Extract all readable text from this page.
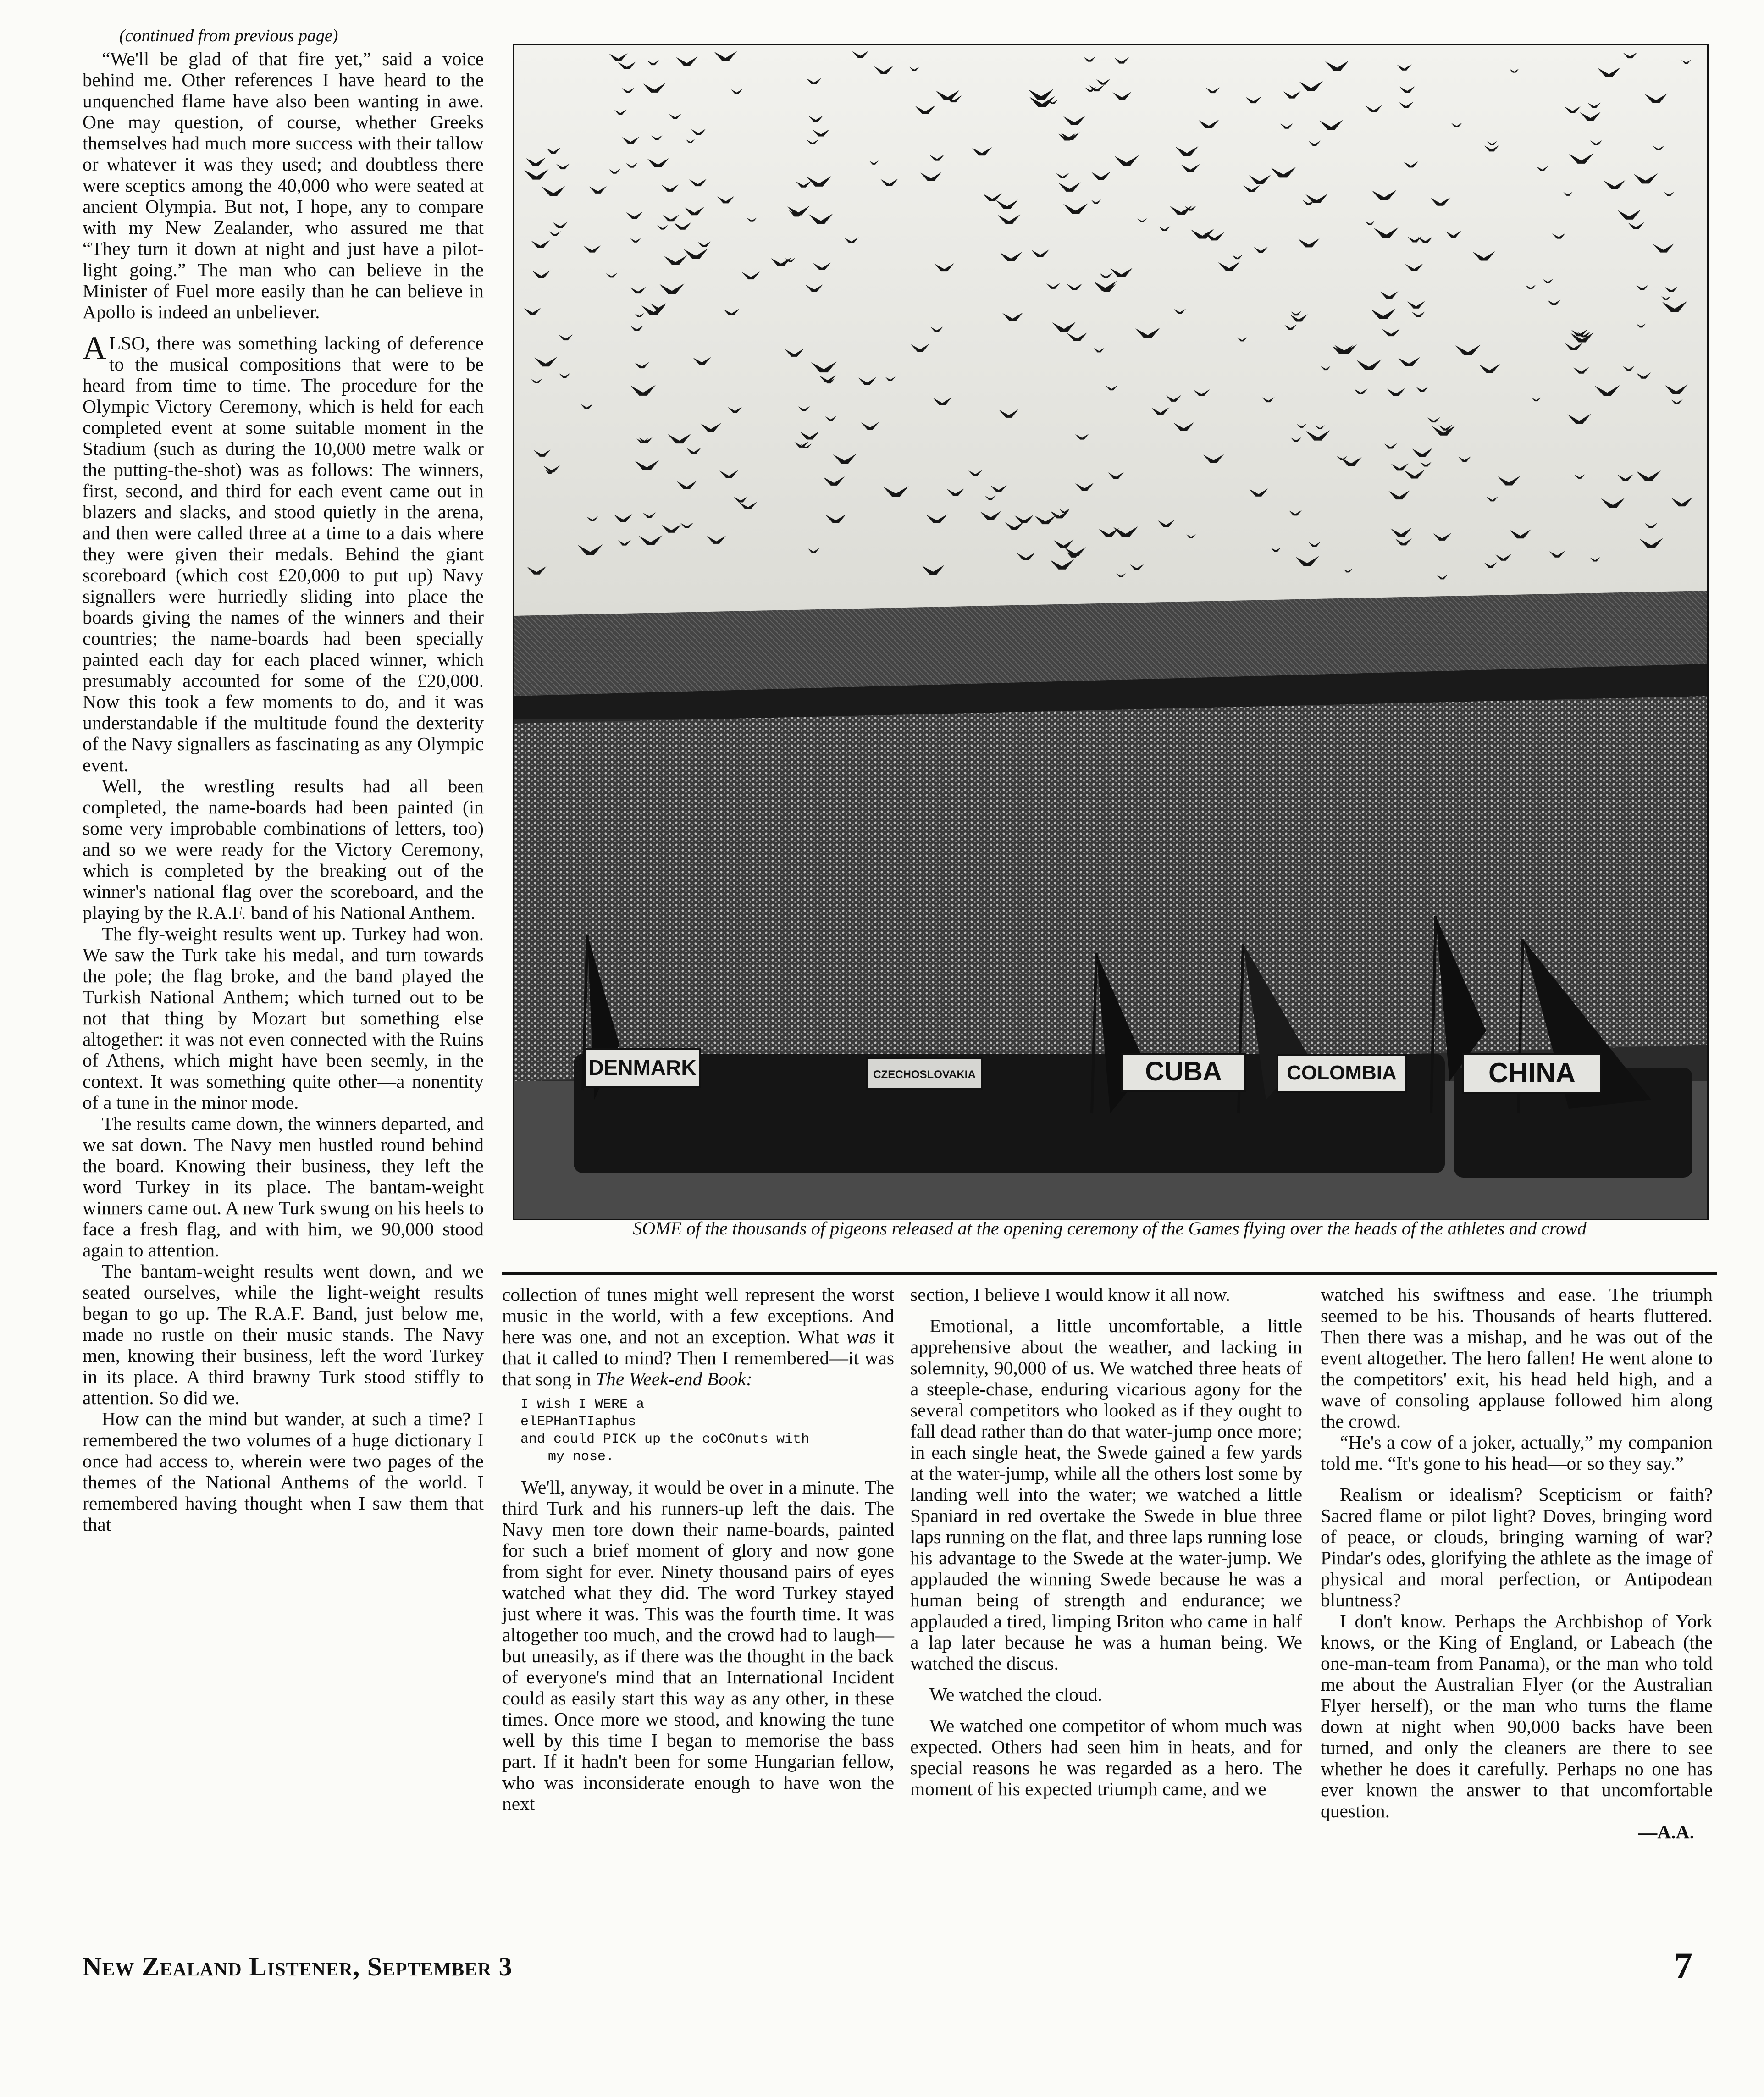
(continued from previous page)

“We'll be glad of that fire yet,” said a voice behind me. Other references I have heard to the unquenched flame have also been wanting in awe. One may question, of course, whether Greeks themselves had much more success with their tallow or whatever it was they used; and doubtless there were sceptics among the 40,000 who were seated at ancient Olympia. But not, I hope, any to compare with my New Zealander, who assured me that “They turn it down at night and just have a pilot-light going.” The man who can believe in the Minister of Fuel more easily than he can believe in Apollo is indeed an unbeliever.

ALSO, there was something lacking of deference to the musical compositions that were to be heard from time to time. The procedure for the Olympic Victory Ceremony, which is held for each completed event at some suitable moment in the Stadium (such as during the 10,000 metre walk or the putting-the-shot) was as follows: The winners, first, second, and third for each event came out in blazers and slacks, and stood quietly in the arena, and then were called three at a time to a dais where they were given their medals. Behind the giant scoreboard (which cost £20,000 to put up) Navy signallers were hurriedly sliding into place the boards giving the names of the winners and their countries; the name-boards had been specially painted each day for each placed winner, which presumably accounted for some of the £20,000. Now this took a few moments to do, and it was understandable if the multitude found the dexterity of the Navy signallers as fascinating as any Olympic event.

Well, the wrestling results had all been completed, the name-boards had been painted (in some very improbable combinations of letters, too) and so we were ready for the Victory Ceremony, which is completed by the breaking out of the winner's national flag over the scoreboard, and the playing by the R.A.F. band of his National Anthem.

The fly-weight results went up. Turkey had won. We saw the Turk take his medal, and turn towards the pole; the flag broke, and the band played the Turkish National Anthem; which turned out to be not that thing by Mozart but something else altogether: it was not even connected with the Ruins of Athens, which might have been seemly, in the context. It was something quite other—a nonentity of a tune in the minor mode.

The results came down, the winners departed, and we sat down. The Navy men hustled round behind the board. Knowing their business, they left the word Turkey in its place. The bantam-weight winners came out. A new Turk swung on his heels to face a fresh flag, and with him, we 90,000 stood again to attention.

The bantam-weight results went down, and we seated ourselves, while the light-weight results began to go up. The R.A.F. Band, just below me, made no rustle on their music stands. The Navy men, knowing their business, left the word Turkey in its place. A third brawny Turk stood stiffly to attention. So did we.

How can the mind but wander, at such a time? I remembered the two volumes of a huge dictionary I once had access to, wherein were two pages of the themes of the National Anthems of the world. I remembered having thought when I saw them that that

DENMARK	CZECHOSLOVAKIA	CUBA	COLOMBIA	CHINA
SOME of the thousands of pigeons released at the opening ceremony of the Games flying over the heads of the athletes and crowd

collection of tunes might well represent the worst music in the world, with a few exceptions. And here was one, and not an exception. What was it that it called to mind? Then I remembered—it was that song in The Week-end Book:

I wish I WERE a
elEPHanTIaphus
and could PICK up the coCOnuts with
my nose.

We'll, anyway, it would be over in a minute. The third Turk and his runners-up left the dais. The Navy men tore down their name-boards, painted for such a brief moment of glory and now gone from sight for ever. Ninety thousand pairs of eyes watched what they did. The word Turkey stayed just where it was. This was the fourth time. It was altogether too much, and the crowd had to laugh—but uneasily, as if there was the thought in the back of everyone's mind that an International Incident could as easily start this way as any other, in these times. Once more we stood, and knowing the tune well by this time I began to memorise the bass part. If it hadn't been for some Hungarian fellow, who was inconsiderate enough to have won the next

section, I believe I would know it all now.

Emotional, a little uncomfortable, a little apprehensive about the weather, and lacking in solemnity, 90,000 of us. We watched three heats of a steeple-chase, enduring vicarious agony for the several competitors who looked as if they ought to fall dead rather than do that water-jump once more; in each single heat, the Swede gained a few yards at the water-jump, while all the others lost some by landing well into the water; we watched a little Spaniard in red overtake the Swede in blue three laps running on the flat, and three laps running lose his advantage to the Swede at the water-jump. We applauded the winning Swede because he was a human being of strength and endurance; we applauded a tired, limping Briton who came in half a lap later because he was a human being. We watched the discus.

We watched the cloud.

We watched one competitor of whom much was expected. Others had seen him in heats, and for special reasons he was regarded as a hero. The moment of his expected triumph came, and we

watched his swiftness and ease. The triumph seemed to be his. Thousands of hearts fluttered. Then there was a mishap, and he was out of the event altogether. The hero fallen! He went alone to the competitors' exit, his head held high, and a wave of consoling applause followed him along the crowd.

“He's a cow of a joker, actually,” my companion told me. “It's gone to his head—or so they say.”

Realism or idealism? Scepticism or faith? Sacred flame or pilot light? Doves, bringing word of peace, or clouds, bringing warning of war? Pindar's odes, glorifying the athlete as the image of physical and moral perfection, or Antipodean bluntness?

I don't know. Perhaps the Archbishop of York knows, or the King of England, or Labeach (the one-man-team from Panama), or the man who told me about the Australian Flyer (or the Australian Flyer herself), or the man who turns the flame down at night when 90,000 backs have been turned, and only the cleaners are there to see whether he does it carefully. Perhaps no one has ever known the answer to that uncomfortable question.

—A.A.

New Zealand Listener, September 3	7
